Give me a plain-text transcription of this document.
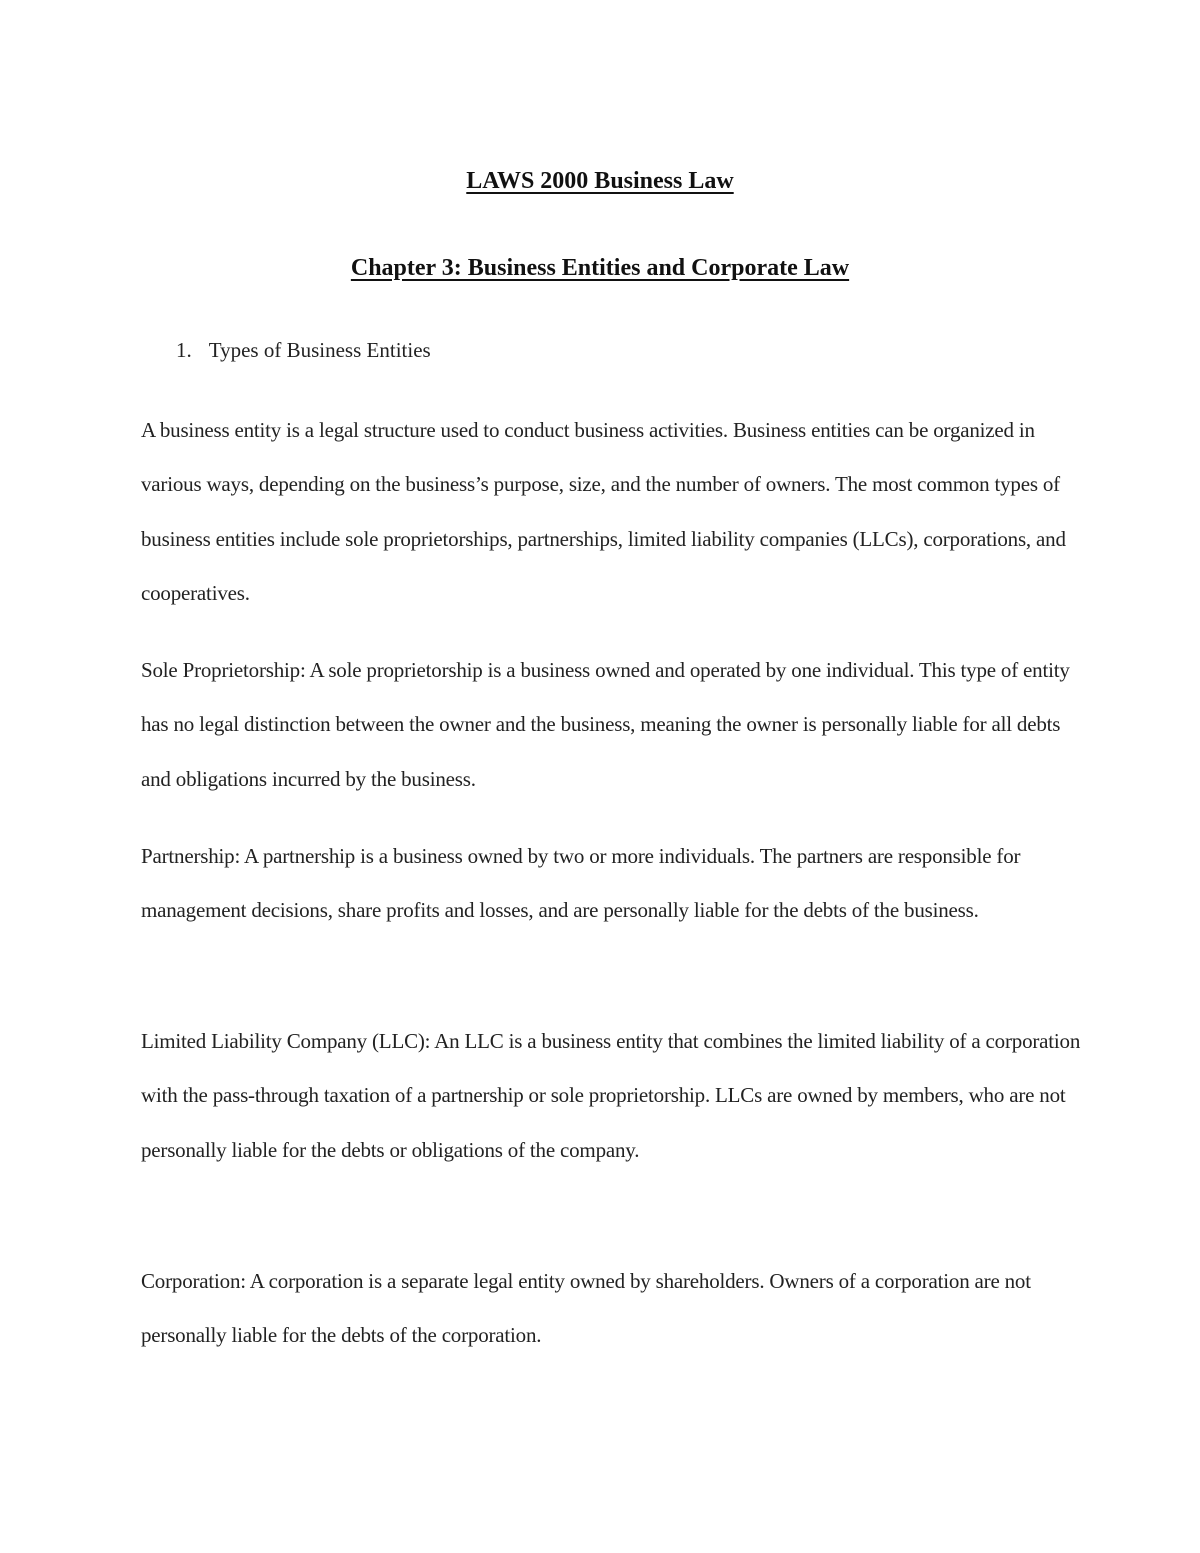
LAWS 2000 Business Law
Chapter 3: Business Entities and Corporate Law
1. Types of Business Entities

A business entity is a legal structure used to conduct business activities. Business entities can be organized in various ways, depending on the business’s purpose, size, and the number of owners. The most common types of business entities include sole proprietorships, partnerships, limited liability companies (LLCs), corporations, and cooperatives.

Sole Proprietorship: A sole proprietorship is a business owned and operated by one individual. This type of entity has no legal distinction between the owner and the business, meaning the owner is personally liable for all debts and obligations incurred by the business.

Partnership: A partnership is a business owned by two or more individuals. The partners are responsible for management decisions, share profits and losses, and are personally liable for the debts of the business.

Limited Liability Company (LLC): An LLC is a business entity that combines the limited liability of a corporation with the pass-through taxation of a partnership or sole proprietorship. LLCs are owned by members, who are not personally liable for the debts or obligations of the company.

Corporation: A corporation is a separate legal entity owned by shareholders. Owners of a corporation are not personally liable for the debts of the corporation.
